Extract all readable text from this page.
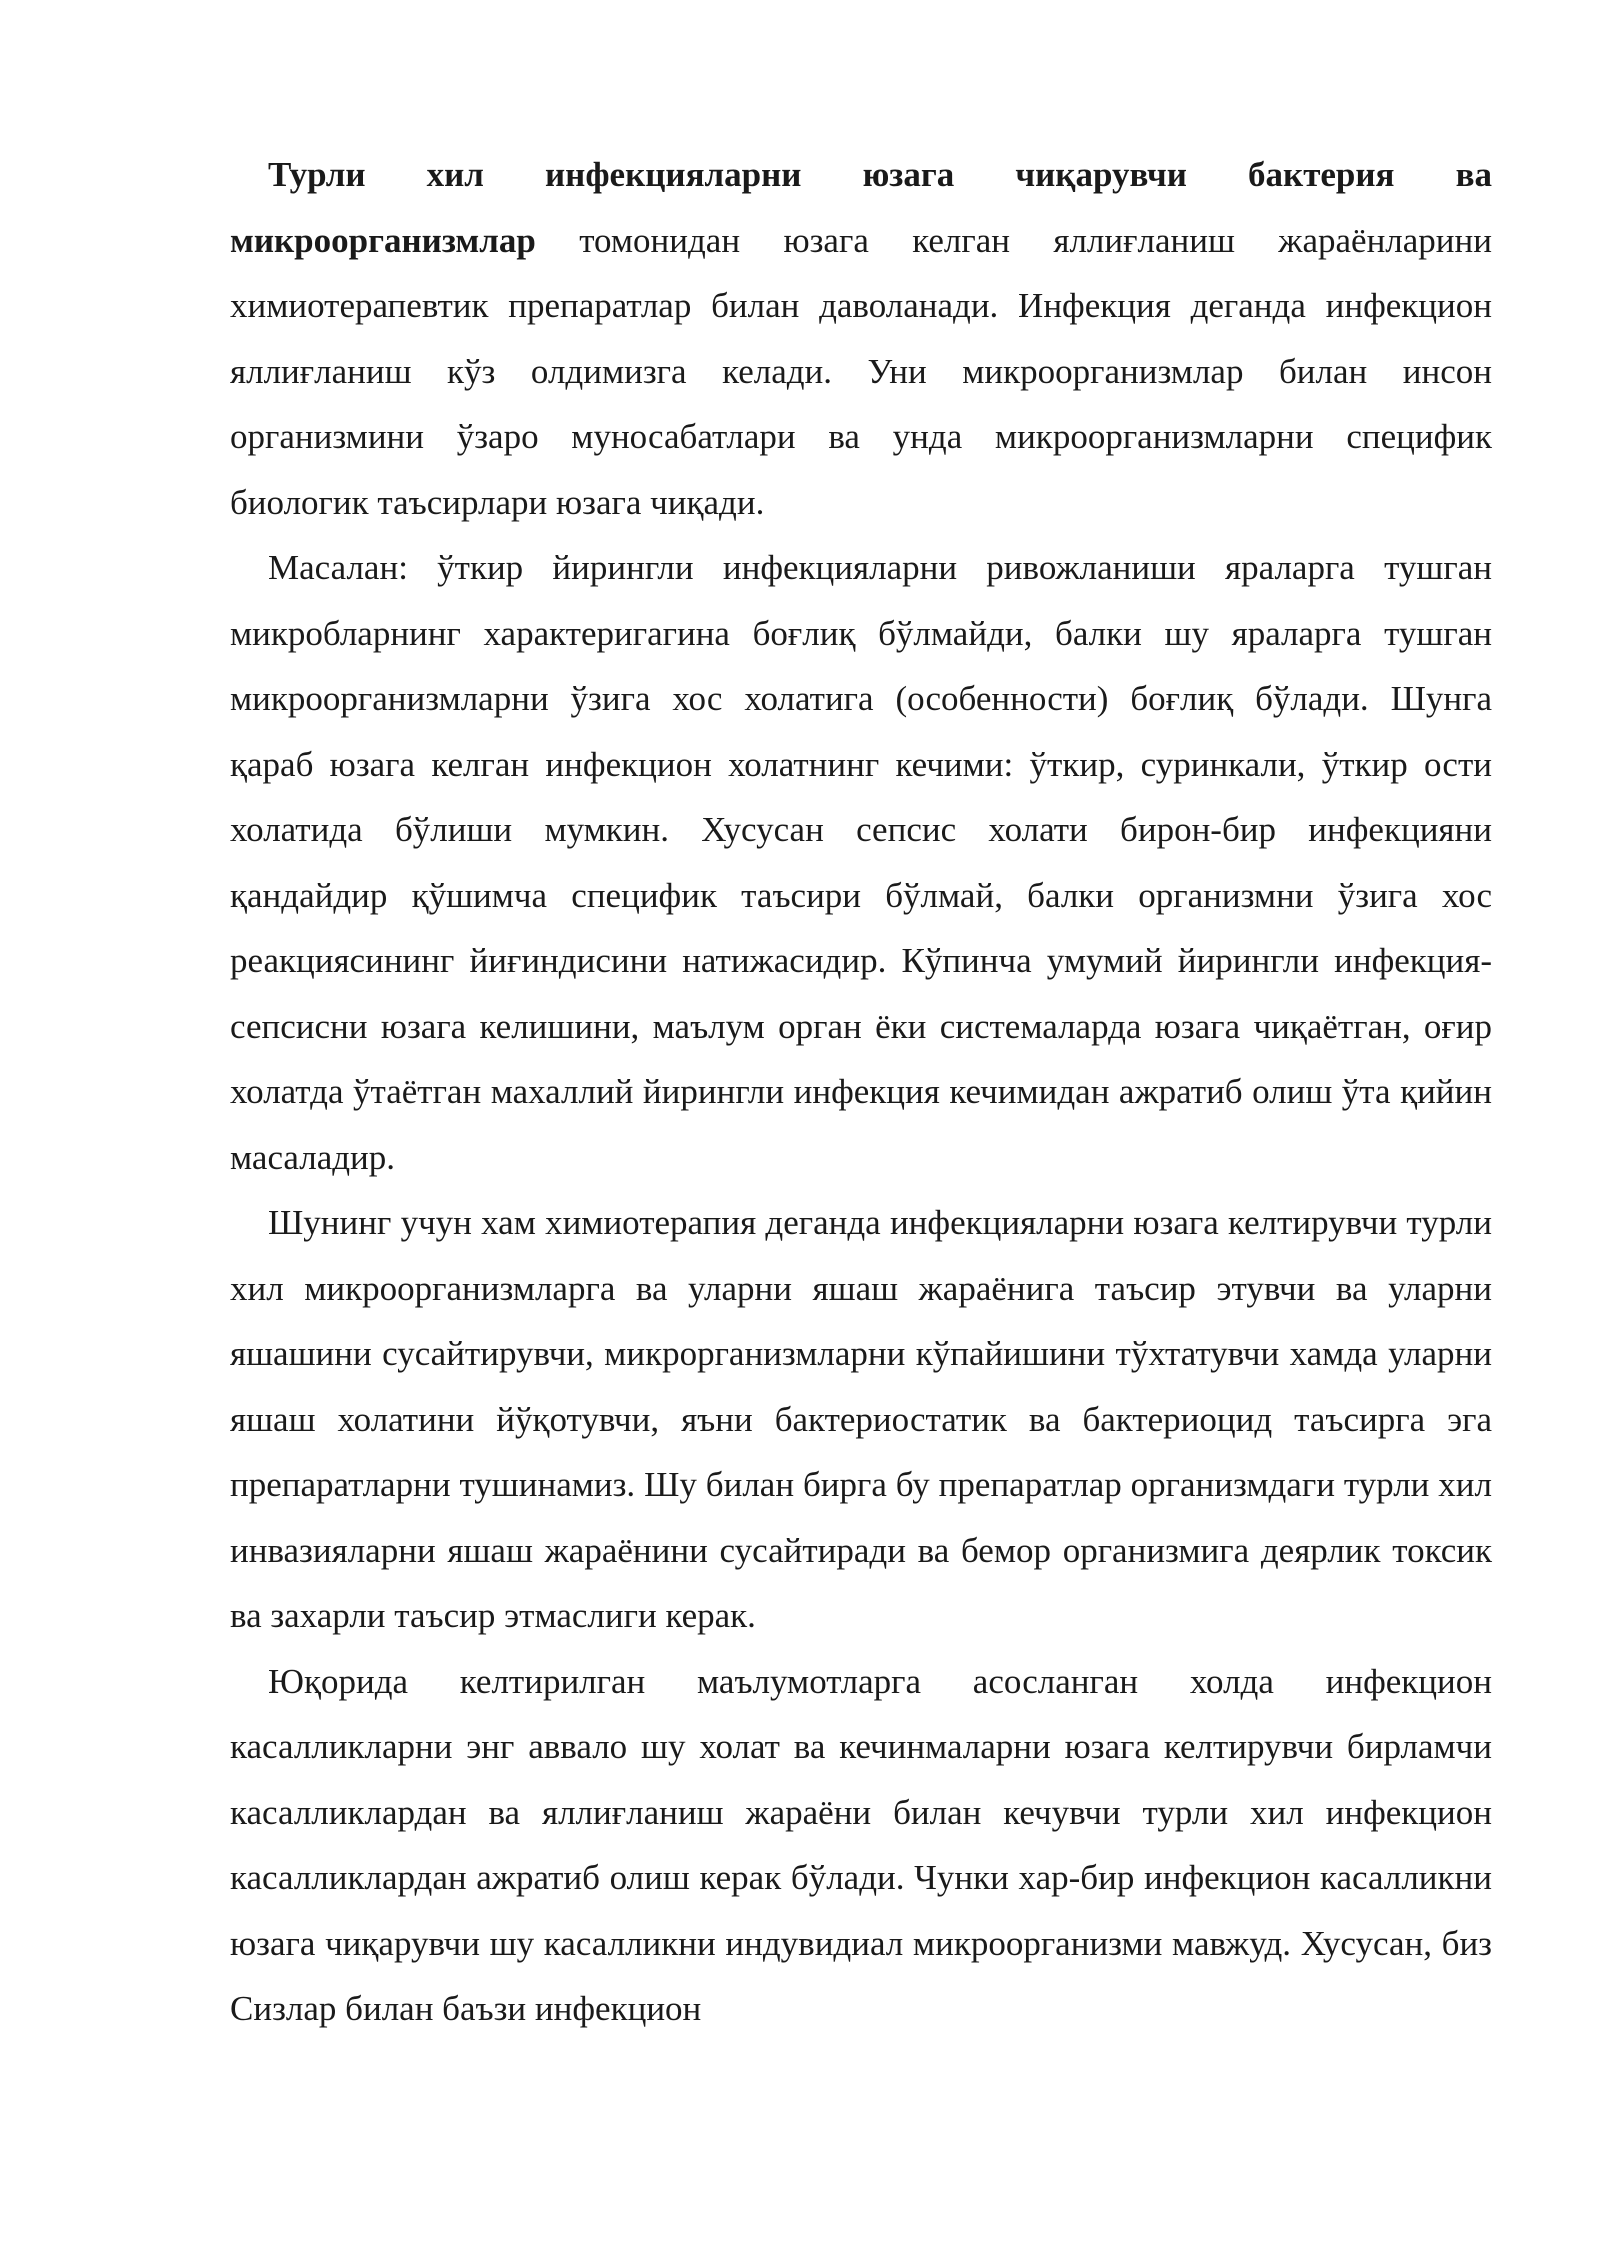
Турли хил инфекцияларни юзага чиқарувчи бактерия ва микроорганизмлар томонидан юзага келган яллиғланиш жараёнларини химиотерапевтик препаратлар билан даволанади. Инфекция деганда инфекцион яллиғланиш кўз олдимизга келади. Уни микроорганизмлар билан инсон организмини ўзаро муносабатлари ва унда микроорганизмларни специфик биологик таъсирлари юзага чиқади.

Масалан: ўткир йирингли инфекцияларни ривожланиши яраларга тушган микробларнинг характеригагина боғлиқ бўлмайди, балки шу яраларга тушган микроорганизмларни ўзига хос холатига (особенности) боғлиқ бўлади. Шунга қараб юзага келган инфекцион холатнинг кечими: ўткир, суринкали, ўткир ости холатида бўлиши мумкин. Хусусан сепсис холати бирон-бир инфекцияни қандайдир қўшимча специфик таъсири бўлмай, балки организмни ўзига хос реакциясининг йиғиндисини натижасидир. Кўпинча умумий йирингли инфекция-сепсисни юзага келишини, маълум орган ёки системаларда юзага чиқаётган, оғир холатда ўтаётган махаллий йирингли инфекция кечимидан ажратиб олиш ўта қийин масаладир.

Шунинг учун хам химиотерапия деганда инфекцияларни юзага келтирувчи турли хил микроорганизмларга ва уларни яшаш жараёнига таъсир этувчи ва уларни яшашини сусайтирувчи, микрорганизмларни кўпайишини тўхтатувчи хамда уларни яшаш холатини йўқотувчи, яъни бактериостатик ва бактериоцид таъсирга эга препаратларни тушинамиз. Шу билан бирга бу препаратлар организмдаги турли хил инвазияларни яшаш жараёнини сусайтиради ва бемор организмига деярлик токсик ва захарли таъсир этмаслиги керак.

Юқорида келтирилган маълумотларга асосланган холда инфекцион касалликларни энг аввало шу холат ва кечинмаларни юзага келтирувчи бирламчи касалликлардан ва яллиғланиш жараёни билан кечувчи турли хил инфекцион касалликлардан ажратиб олиш керак бўлади. Чунки хар-бир инфекцион касалликни юзага чиқарувчи шу касалликни индувидиал микроорганизми мавжуд. Хусусан, биз Сизлар билан баъзи инфекцион
